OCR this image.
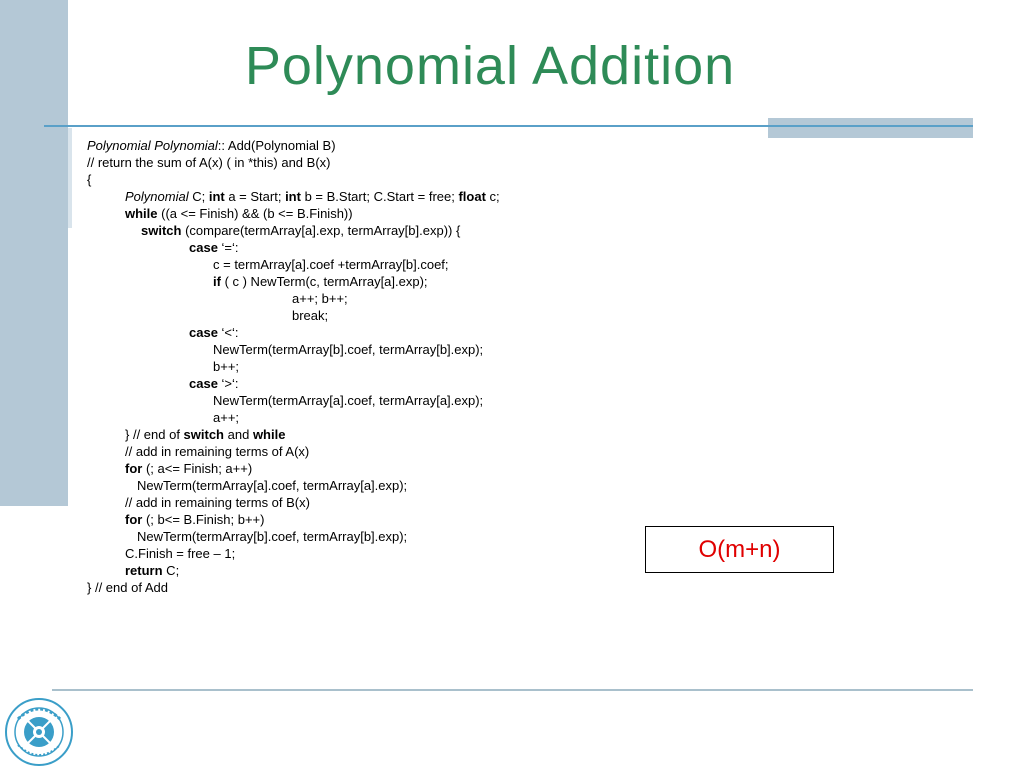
Polynomial Addition
Polynomial Polynomial:: Add(Polynomial B)
// return the sum of A(x) ( in *this) and B(x)
{
Polynomial C; int a = Start; int b = B.Start; C.Start = free; float c;
while ((a <= Finish) && (b <= B.Finish))
switch (compare(termArray[a].exp, termArray[b].exp)) {
case ‘=‘:
c = termArray[a].coef +termArray[b].coef;
if ( c ) NewTerm(c, termArray[a].exp);
a++; b++;
break;
case ‘<‘:
NewTerm(termArray[b].coef, termArray[b].exp);
b++;
case ‘>‘:
NewTerm(termArray[a].coef, termArray[a].exp);
a++;
} // end of switch and while
// add in remaining terms of A(x)
for (; a<= Finish; a++)
NewTerm(termArray[a].coef, termArray[a].exp);
// add in remaining terms of B(x)
for (; b<= B.Finish; b++)
NewTerm(termArray[b].coef, termArray[b].exp);
C.Finish = free – 1;
return C;
} // end of Add
O(m+n)
